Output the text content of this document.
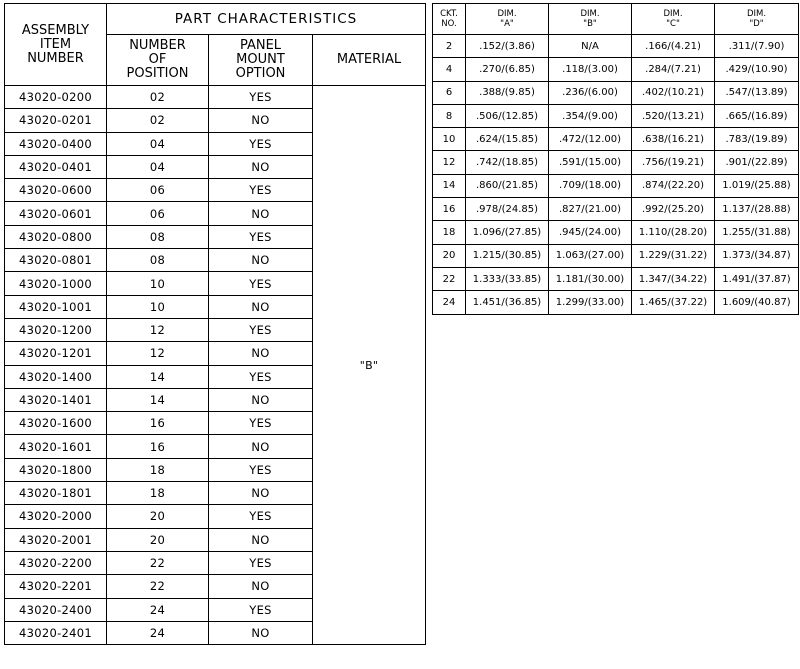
ASSEMBLY ITEM NUMBER	PART CHARACTERISTICS		
	NUMBER OF POSITION	PANEL MOUNT OPTION	MATERIAL
43020-0200	02	YES	"B"
43020-0201	02	NO	
43020-0400	04	YES	
43020-0401	04	NO	
43020-0600	06	YES	
43020-0601	06	NO	
43020-0800	08	YES	
43020-0801	08	NO	
43020-1000	10	YES	
43020-1001	10	NO	
43020-1200	12	YES	
43020-1201	12	NO	
43020-1400	14	YES	
43020-1401	14	NO	
43020-1600	16	YES	
43020-1601	16	NO	
43020-1800	18	YES	
43020-1801	18	NO	
43020-2000	20	YES	
43020-2001	20	NO	
43020-2200	22	YES	
43020-2201	22	NO	
43020-2400	24	YES	
43020-2401	24	NO	
CKT. NO.	DIM. "A"	DIM. "B"	DIM. "C"	DIM. "D"
2	.152/(3.86)	N/A	.166/(4.21)	.311/(7.90)
4	.270/(6.85)	.118/(3.00)	.284/(7.21)	.429/(10.90)
6	.388/(9.85)	.236/(6.00)	.402/(10.21)	.547/(13.89)
8	.506/(12.85)	.354/(9.00)	.520/(13.21)	.665/(16.89)
10	.624/(15.85)	.472/(12.00)	.638/(16.21)	.783/(19.89)
12	.742/(18.85)	.591/(15.00)	.756/(19.21)	.901/(22.89)
14	.860/(21.85)	.709/(18.00)	.874/(22.20)	1.019/(25.88)
16	.978/(24.85)	.827/(21.00)	.992/(25.20)	1.137/(28.88)
18	1.096/(27.85)	.945/(24.00)	1.110/(28.20)	1.255/(31.88)
20	1.215/(30.85)	1.063/(27.00)	1.229/(31.22)	1.373/(34.87)
22	1.333/(33.85)	1.181/(30.00)	1.347/(34.22)	1.491/(37.87)
24	1.451/(36.85)	1.299/(33.00)	1.465/(37.22)	1.609/(40.87)
